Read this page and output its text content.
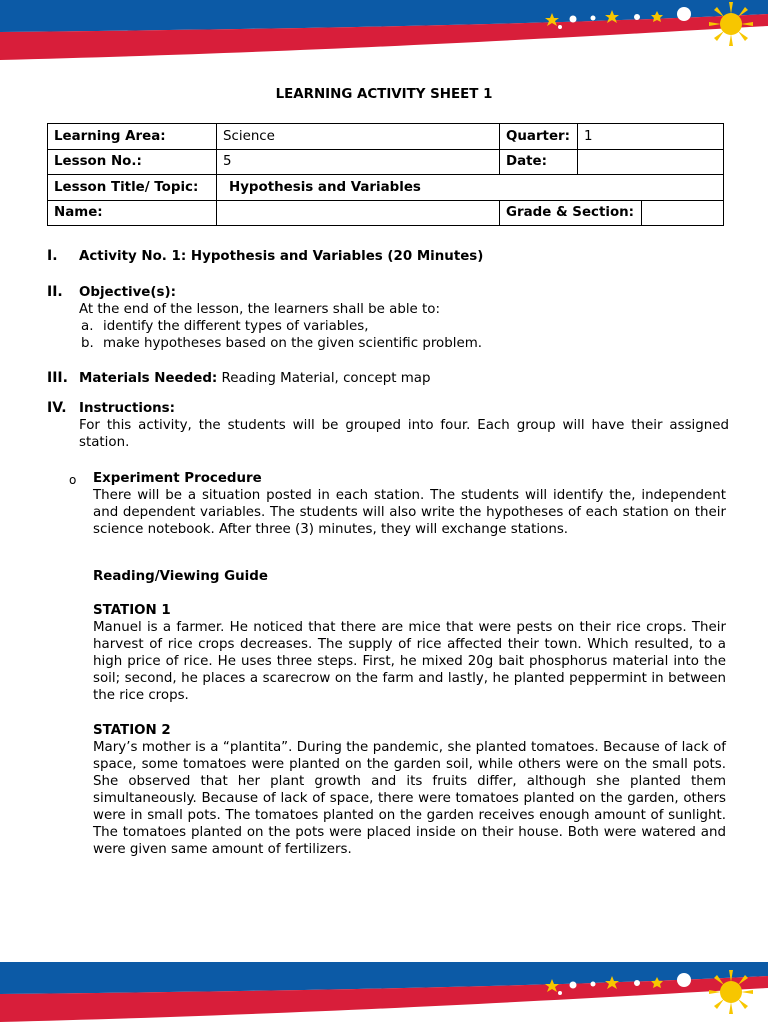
LEARNING ACTIVITY SHEET 1
Learning Area:	Science	Quarter:	1	
Lesson No.:	5	Date:		
Lesson Title/ Topic:	Hypothesis and Variables			
Name:		Grade & Section:		
I. Activity No. 1: Hypothesis and Variables (20 Minutes)
II. Objective(s):

At the end of the lesson, the learners shall be able to:

a. identify the different types of variables,

b. make hypotheses based on the given scientific problem.

III. Materials Needed: Reading Material, concept map
IV. Instructions:

For this activity, the students will be grouped into four. Each group will have their assigned station.

o Experiment Procedure

There will be a situation posted in each station. The students will identify the, independent and dependent variables. The students will also write the hypotheses of each station on their science notebook. After three (3) minutes, they will exchange stations.

Reading/Viewing Guide

STATION 1

Manuel is a farmer. He noticed that there are mice that were pests on their rice crops. Their harvest of rice crops decreases. The supply of rice affected their town. Which resulted, to a high price of rice. He uses three steps. First, he mixed 20g bait phosphorus material into the soil; second, he places a scarecrow on the farm and lastly, he planted peppermint in between the rice crops.

STATION 2

Mary’s mother is a “plantita”. During the pandemic, she planted tomatoes. Because of lack of space, some tomatoes were planted on the garden soil, while others were on the small pots. She observed that her plant growth and its fruits differ, although she planted them simultaneously. Because of lack of space, there were tomatoes planted on the garden, others were in small pots. The tomatoes planted on the garden receives enough amount of sunlight. The tomatoes planted on the pots were placed inside on their house. Both were watered and were given same amount of fertilizers.
